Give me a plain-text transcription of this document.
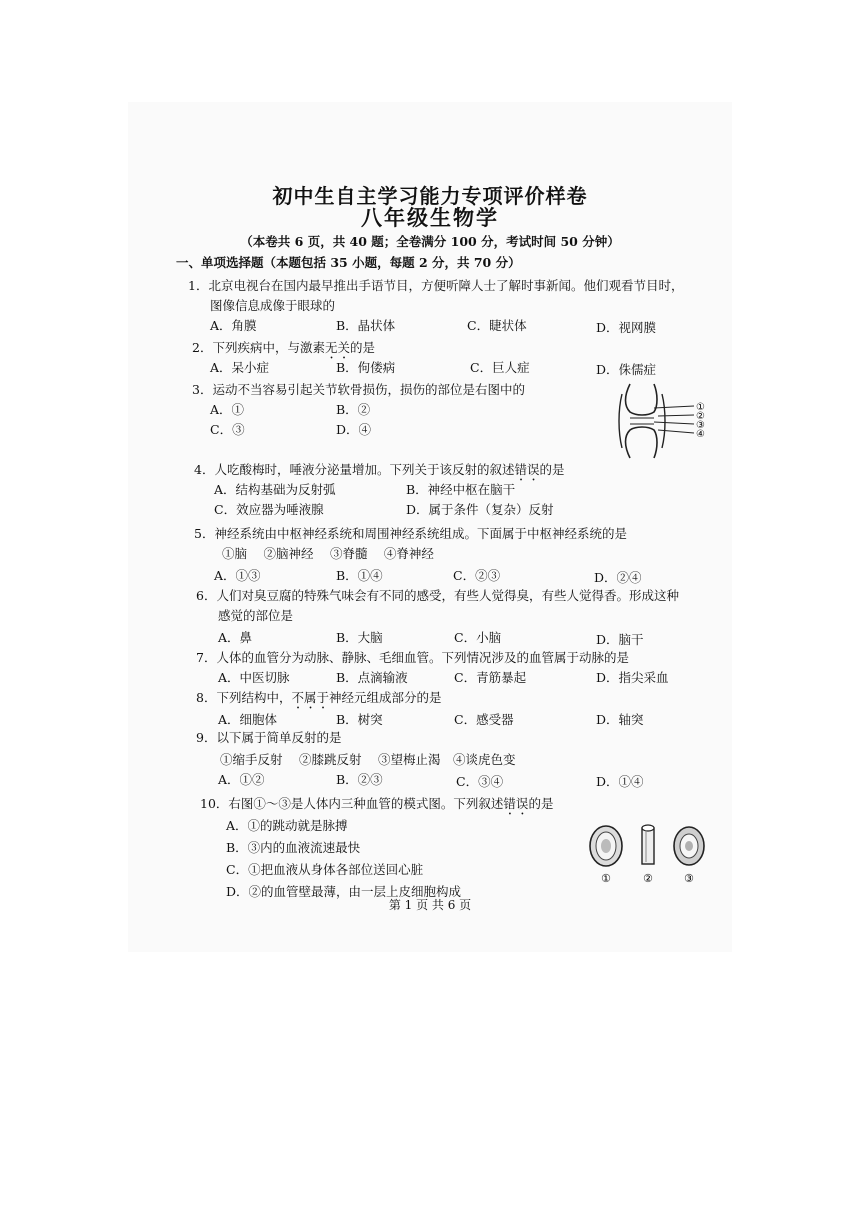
初中生自主学习能力专项评价样卷
八年级生物学
（本卷共 6 页，共 40 题；全卷满分 100 分，考试时间 50 分钟）
一、单项选择题（本题包括 35 小题，每题 2 分，共 70 分）
1．北京电视台在国内最早推出手语节目，方便听障人士了解时事新闻。他们观看节目时，
图像信息成像于眼球的
A．角膜	B．晶状体	C．睫状体	D．视网膜
2．下列疾病中，与激素无关的是
A．呆小症	B．佝偻病	C．巨人症	D．侏儒症
3．运动不当容易引起关节软骨损伤，损伤的部位是右图中的
A．①	B．②
C．③	D．④
①
②
③
④
4．人吃酸梅时，唾液分泌量增加。下列关于该反射的叙述错误的是
A．结构基础为反射弧	B．神经中枢在脑干
C．效应器为唾液腺	D．属于条件（复杂）反射
5．神经系统由中枢神经系统和周围神经系统组成。下面属于中枢神经系统的是
①脑　 ②脑神经　 ③脊髓　 ④脊神经
A．①③	B．①④	C．②③	D．②④
6．人们对臭豆腐的特殊气味会有不同的感受，有些人觉得臭，有些人觉得香。形成这种
感觉的部位是
A．鼻	B．大脑	C．小脑	D．脑干
7．人体的血管分为动脉、静脉、毛细血管。下列情况涉及的血管属于动脉的是
A．中医切脉	B．点滴输液	C．青筋暴起	D．指尖采血
8．下列结构中，不属于神经元组成部分的是
A．细胞体	B．树突	C．感受器	D．轴突
9．以下属于简单反射的是
①缩手反射　 ②膝跳反射　 ③望梅止渴　④谈虎色变
A．①②	B．②③	C．③④	D．①④
10．右图①～③是人体内三种血管的模式图。下列叙述错误的是
A．①的跳动就是脉搏
B．③内的血液流速最快
C．①把血液从身体各部位送回心脏
D．②的血管壁最薄，由一层上皮细胞构成
①	②	③
第 1 页 共 6 页
